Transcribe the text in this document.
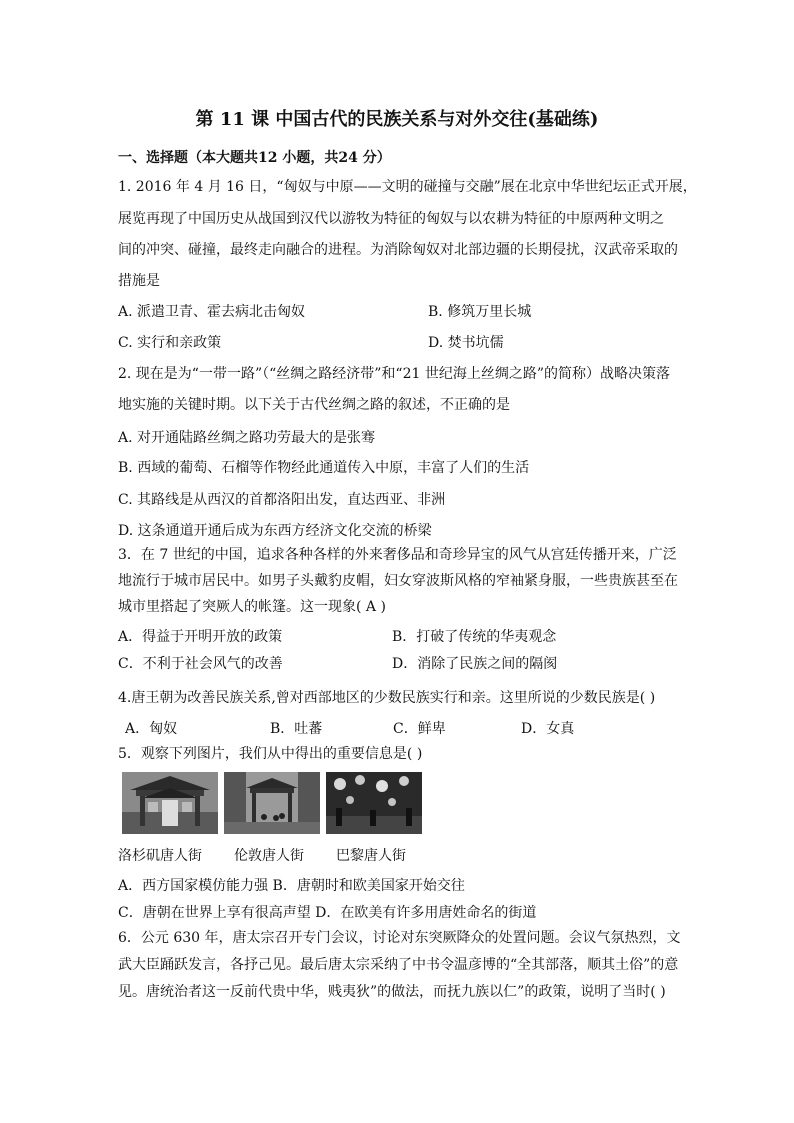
第 11 课 中国古代的民族关系与对外交往(基础练)
一、选择题（本大题共12 小题，共24 分）
1. 2016 年 4 月 16 日，“匈奴与中原——文明的碰撞与交融”展在北京中华世纪坛正式开展，
展览再现了中国历史从战国到汉代以游牧为特征的匈奴与以农耕为特征的中原两种文明之
间的冲突、碰撞，最终走向融合的进程。为消除匈奴对北部边疆的长期侵扰，汉武帝采取的
措施是
A. 派遣卫青、霍去病北击匈奴	B. 修筑万里长城
C. 实行和亲政策	D. 焚书坑儒
2. 现在是为“一带一路”（“丝绸之路经济带”和“21 世纪海上丝绸之路”的简称）战略决策落
地实施的关键时期。以下关于古代丝绸之路的叙述，不正确的是
A. 对开通陆路丝绸之路功劳最大的是张骞
B. 西域的葡萄、石榴等作物经此通道传入中原，丰富了人们的生活
C. 其路线是从西汉的首都洛阳出发，直达西亚、非洲
D. 这条通道开通后成为东西方经济文化交流的桥梁
3．在 7 世纪的中国，追求各种各样的外来奢侈品和奇珍异宝的风气从宫廷传播开来，广泛
地流行于城市居民中。如男子头戴豹皮帽，妇女穿波斯风格的窄袖紧身服，一些贵族甚至在
城市里搭起了突厥人的帐篷。这一现象( A )
A．得益于开明开放的政策	B．打破了传统的华夷观念
C．不利于社会风气的改善	D．消除了民族之间的隔阂
4.唐王朝为改善民族关系,曾对西部地区的少数民族实行和亲。这里所说的少数民族是( )
A．匈奴	B．吐蕃	C．鲜卑	D．女真
5．观察下列图片，我们从中得出的重要信息是( )
洛杉矶唐人街 伦敦唐人街 巴黎唐人街
A．西方国家模仿能力强 B．唐朝时和欧美国家开始交往
C．唐朝在世界上享有很高声望 D．在欧美有许多用唐姓命名的街道
6．公元 630 年，唐太宗召开专门会议，讨论对东突厥降众的处置问题。会议气氛热烈，文
武大臣踊跃发言，各抒己见。最后唐太宗采纳了中书令温彦博的“全其部落，顺其土俗”的意
见。唐统治者这一反前代贵中华，贱夷狄”的做法，而抚九族以仁”的政策，说明了当时( )
